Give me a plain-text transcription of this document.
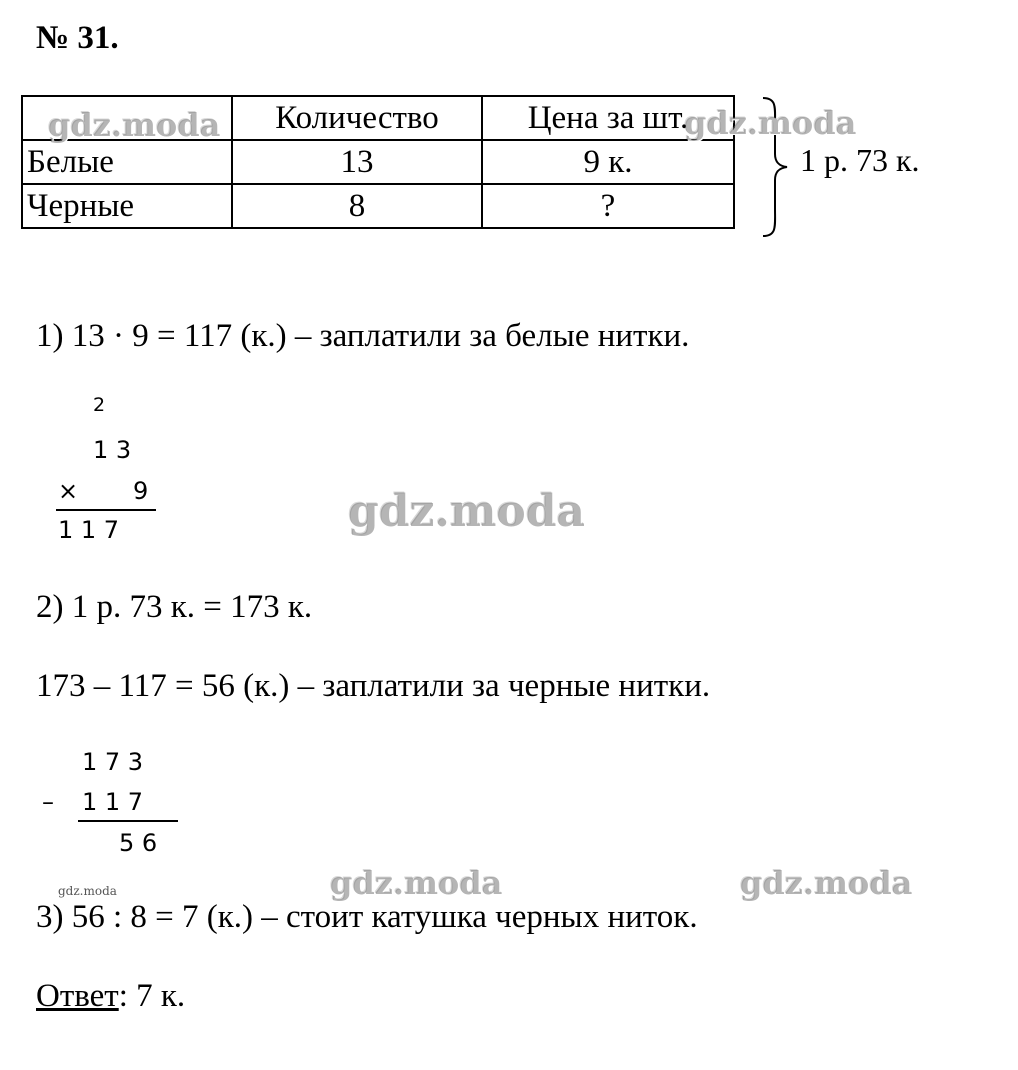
№ 31.
	Количество	Цена за шт.
Белые	13	9 к.
Черные	8	?
1 р. 73 к.
1) 13 · 9 = 117 (к.) – заплатили за белые нитки.
2
1 3
× 9
1 1 7
2) 1 р. 73 к. = 173 к.
173 – 117 = 56 (к.) – заплатили за черные нитки.
1 7 3
– 1 1 7
5 6
3) 56 : 8 = 7 (к.) – стоит катушка черных ниток.
Ответ: 7 к.
gdz.moda	gdz.moda
gdz.moda
gdz.moda	gdz.moda
gdz.moda
